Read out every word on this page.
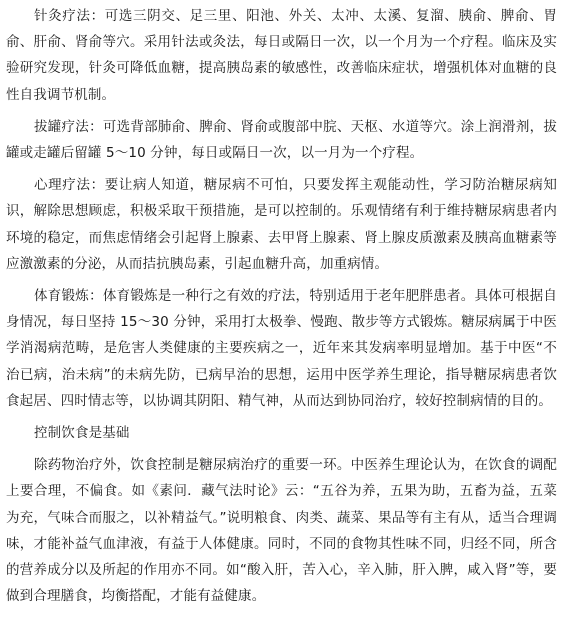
针灸疗法：可选三阴交、足三里、阳池、外关、太冲、太溪、复溜、胰俞、脾俞、胃俞、肝俞、肾俞等穴。采用针法或灸法，每日或隔日一次，以一个月为一个疗程。临床及实验研究发现，针灸可降低血糖，提高胰岛素的敏感性，改善临床症状，增强机体对血糖的良性自我调节机制。

拔罐疗法：可选背部肺俞、脾俞、肾俞或腹部中脘、天枢、水道等穴。涂上润滑剂，拔罐或走罐后留罐 5～10 分钟，每日或隔日一次，以一月为一个疗程。

心理疗法：要让病人知道，糖尿病不可怕，只要发挥主观能动性，学习防治糖尿病知识，解除思想顾虑，积极采取干预措施，是可以控制的。乐观情绪有利于维持糖尿病患者内环境的稳定，而焦虑情绪会引起肾上腺素、去甲肾上腺素、肾上腺皮质激素及胰高血糖素等应激激素的分泌，从而拮抗胰岛素，引起血糖升高，加重病情。

体育锻炼：体育锻炼是一种行之有效的疗法，特别适用于老年肥胖患者。具体可根据自身情况，每日坚持 15～30 分钟，采用打太极拳、慢跑、散步等方式锻炼。糖尿病属于中医学消渴病范畴，是危害人类健康的主要疾病之一，近年来其发病率明显增加。基于中医“不治已病，治未病”的未病先防，已病早治的思想，运用中医学养生理论，指导糖尿病患者饮食起居、四时情志等，以协调其阴阳、精气神，从而达到协同治疗，较好控制病情的目的。

控制饮食是基础

除药物治疗外，饮食控制是糖尿病治疗的重要一环。中医养生理论认为，在饮食的调配上要合理，不偏食。如《素问．藏气法时论》云：“五谷为养，五果为助，五畜为益，五菜为充，气味合而服之，以补精益气。”说明粮食、肉类、蔬菜、果品等有主有从，适当合理调味，才能补益气血津液，有益于人体健康。同时，不同的食物其性味不同，归经不同，所含的营养成分以及所起的作用亦不同。如“酸入肝，苦入心，辛入肺，肝入脾，咸入肾”等，要做到合理膳食，均衡搭配，才能有益健康。
